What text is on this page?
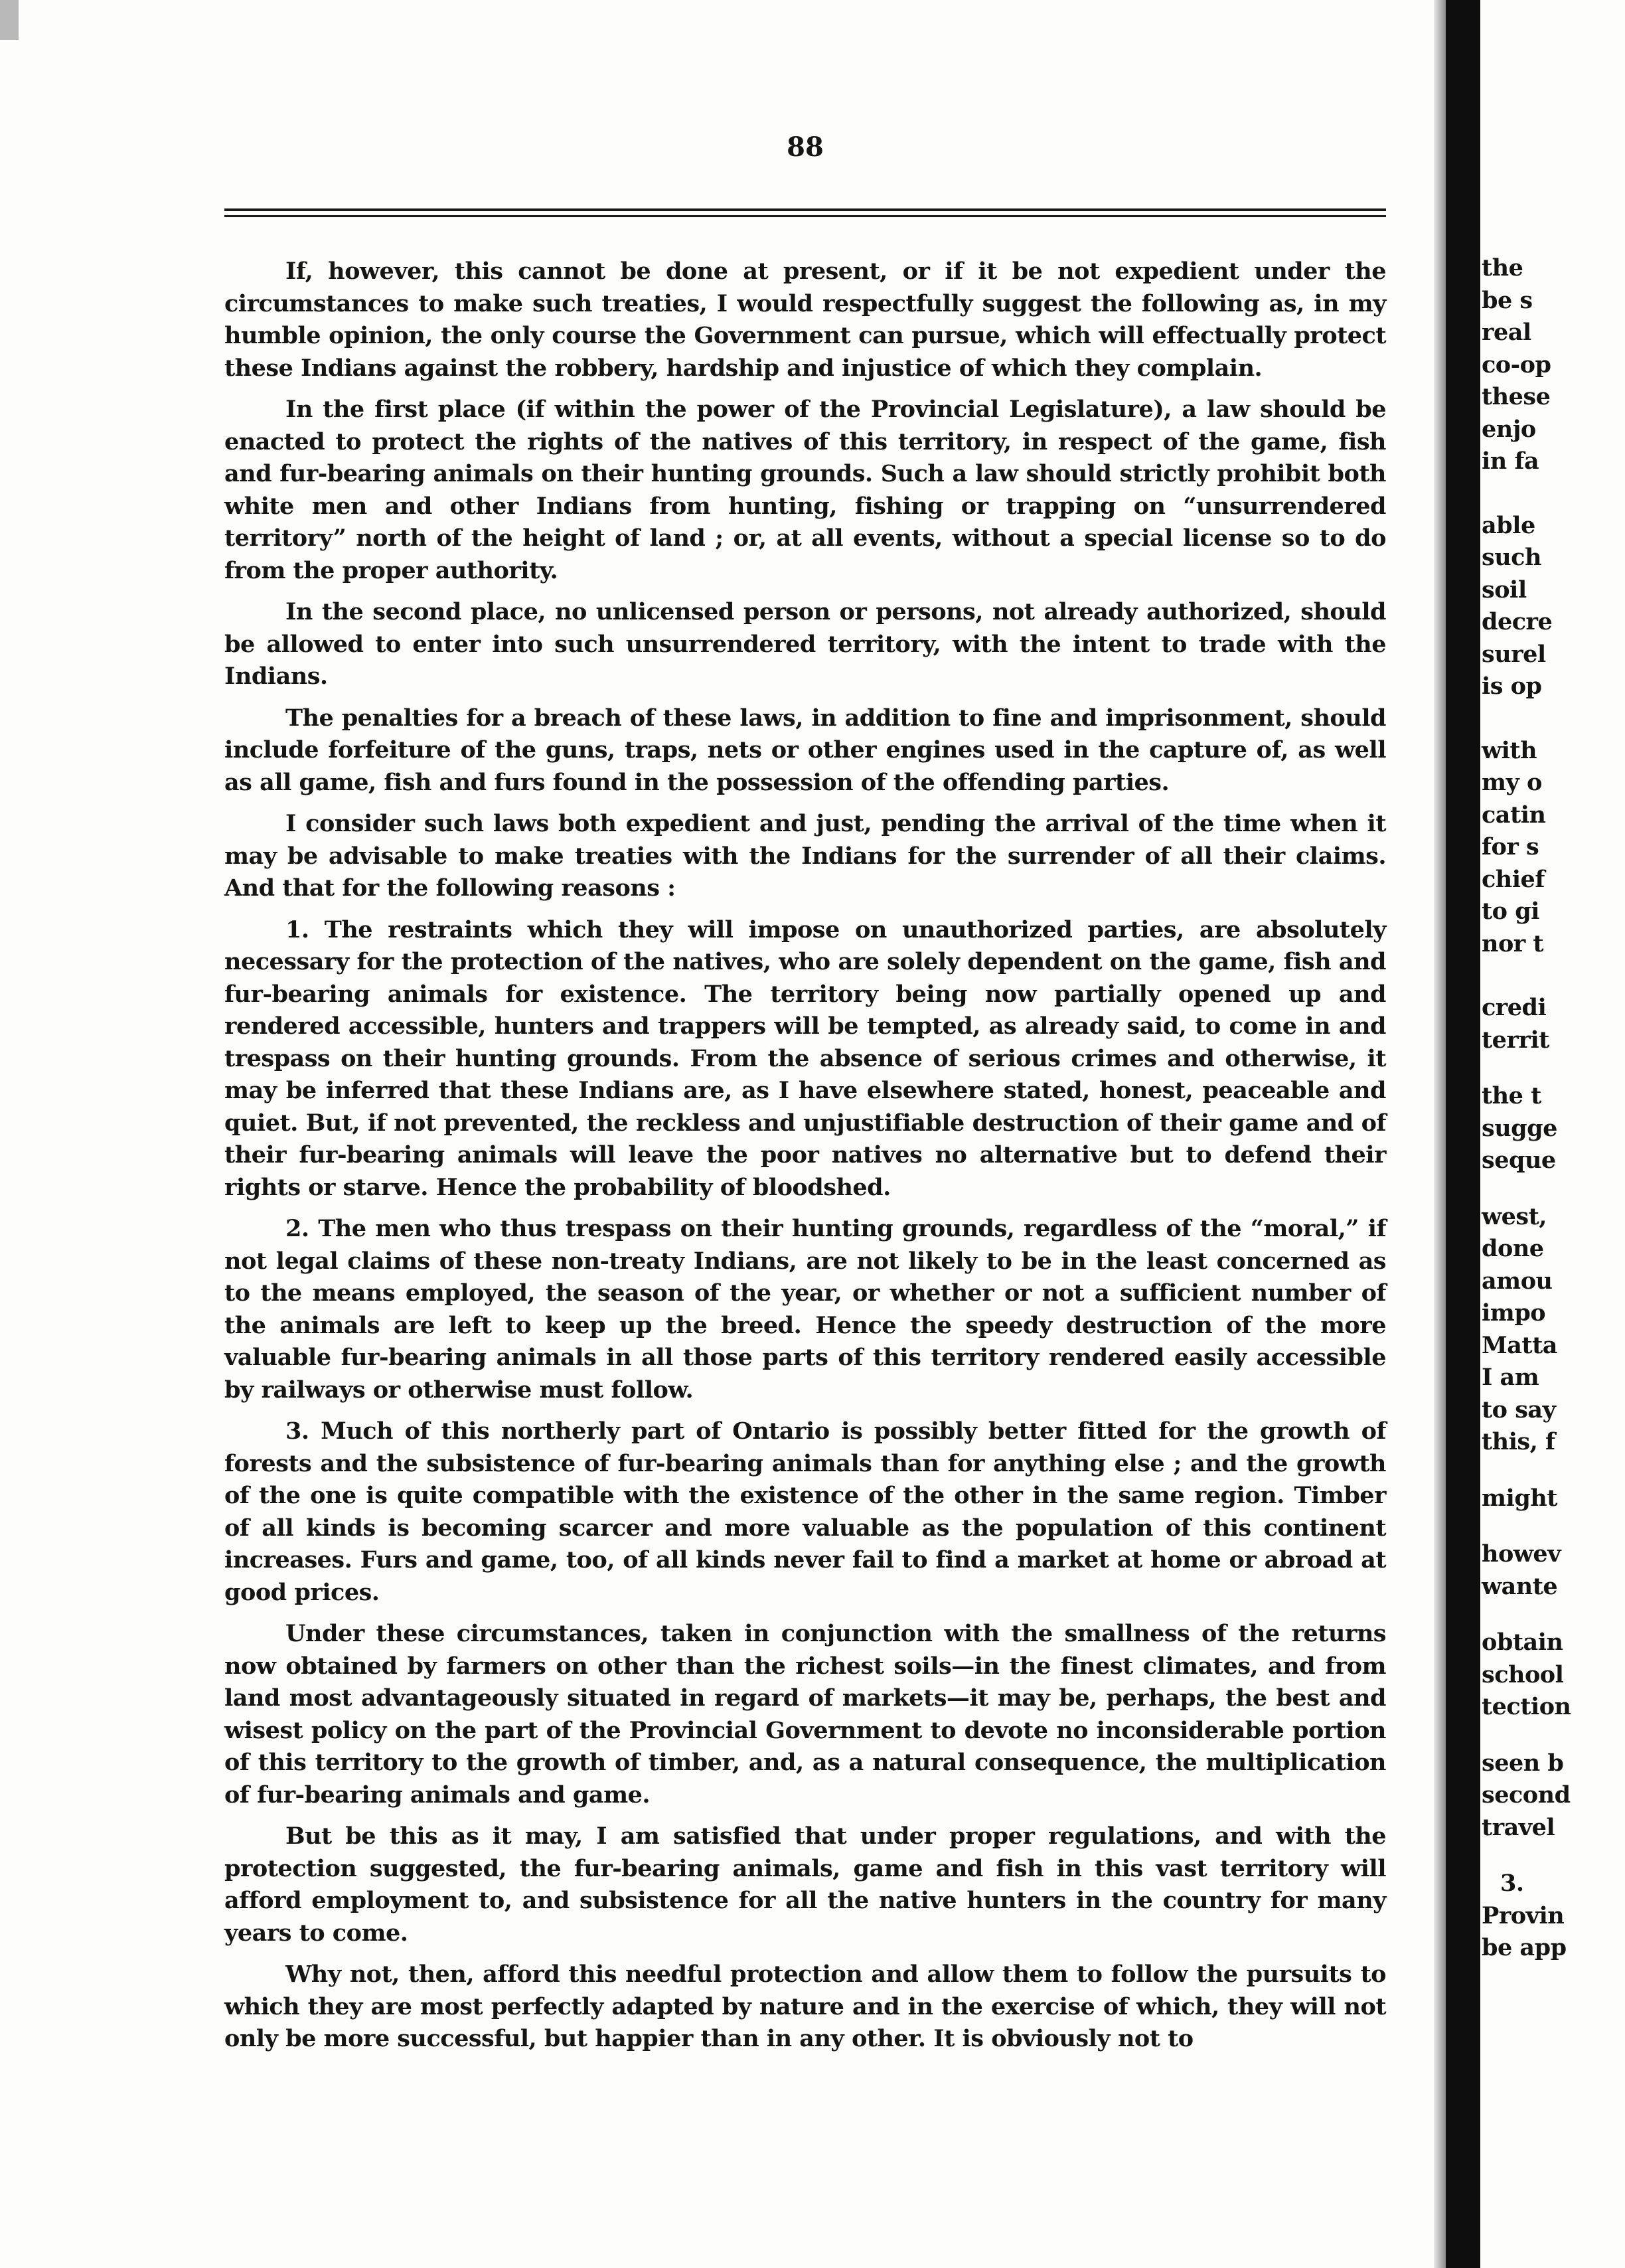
88

If, however, this cannot be done at present, or if it be not expedient under the circumstances to make such treaties, I would respectfully suggest the following as, in my humble opinion, the only course the Government can pursue, which will effectually protect these Indians against the robbery, hardship and injustice of which they complain.

In the first place (if within the power of the Provincial Legislature), a law should be enacted to protect the rights of the natives of this territory, in respect of the game, fish and fur-bearing animals on their hunting grounds. Such a law should strictly prohibit both white men and other Indians from hunting, fishing or trapping on “unsurrendered territory” north of the height of land ; or, at all events, without a special license so to do from the proper authority.

In the second place, no unlicensed person or persons, not already authorized, should be allowed to enter into such unsurrendered territory, with the intent to trade with the Indians.

The penalties for a breach of these laws, in addition to fine and imprisonment, should include forfeiture of the guns, traps, nets or other engines used in the capture of, as well as all game, fish and furs found in the possession of the offending parties.

I consider such laws both expedient and just, pending the arrival of the time when it may be advisable to make treaties with the Indians for the surrender of all their claims. And that for the following reasons :

1. The restraints which they will impose on unauthorized parties, are absolutely necessary for the protection of the natives, who are solely dependent on the game, fish and fur-bearing animals for existence. The territory being now partially opened up and rendered accessible, hunters and trappers will be tempted, as already said, to come in and trespass on their hunting grounds. From the absence of serious crimes and otherwise, it may be inferred that these Indians are, as I have elsewhere stated, honest, peaceable and quiet. But, if not prevented, the reckless and unjustifiable destruction of their game and of their fur-bearing animals will leave the poor natives no alternative but to defend their rights or starve. Hence the probability of bloodshed.

2. The men who thus trespass on their hunting grounds, regardless of the “moral,” if not legal claims of these non-treaty Indians, are not likely to be in the least concerned as to the means employed, the season of the year, or whether or not a sufficient number of the animals are left to keep up the breed. Hence the speedy destruction of the more valuable fur-bearing animals in all those parts of this territory rendered easily accessible by railways or otherwise must follow.

3. Much of this northerly part of Ontario is possibly better fitted for the growth of forests and the subsistence of fur-bearing animals than for anything else ; and the growth of the one is quite compatible with the existence of the other in the same region. Timber of all kinds is becoming scarcer and more valuable as the population of this continent increases. Furs and game, too, of all kinds never fail to find a market at home or abroad at good prices.

Under these circumstances, taken in conjunction with the smallness of the returns now obtained by farmers on other than the richest soils—in the finest climates, and from land most advantageously situated in regard of markets—it may be, perhaps, the best and wisest policy on the part of the Provincial Government to devote no inconsiderable portion of this territory to the growth of timber, and, as a natural consequence, the multiplication of fur-bearing animals and game.

But be this as it may, I am satisfied that under proper regulations, and with the protection suggested, the fur-bearing animals, game and fish in this vast territory will afford employment to, and subsistence for all the native hunters in the country for many years to come.

Why not, then, afford this needful protection and allow them to follow the pursuits to which they are most perfectly adapted by nature and in the exercise of which, they will not only be more successful, but happier than in any other. It is obviously not to

the
be s
real
co-op
these
enjo
in fa
able
such
soil
decre
surel
is op
with
my o
catin
for s
chief
to gi
nor t
credi
territ
the t
sugge
seque
west,
done
amou
impo
Matta
I am
to say
this, f
might
howev
wante
obtain
school
tection
seen b
second
travel
3.
Provin
be app
